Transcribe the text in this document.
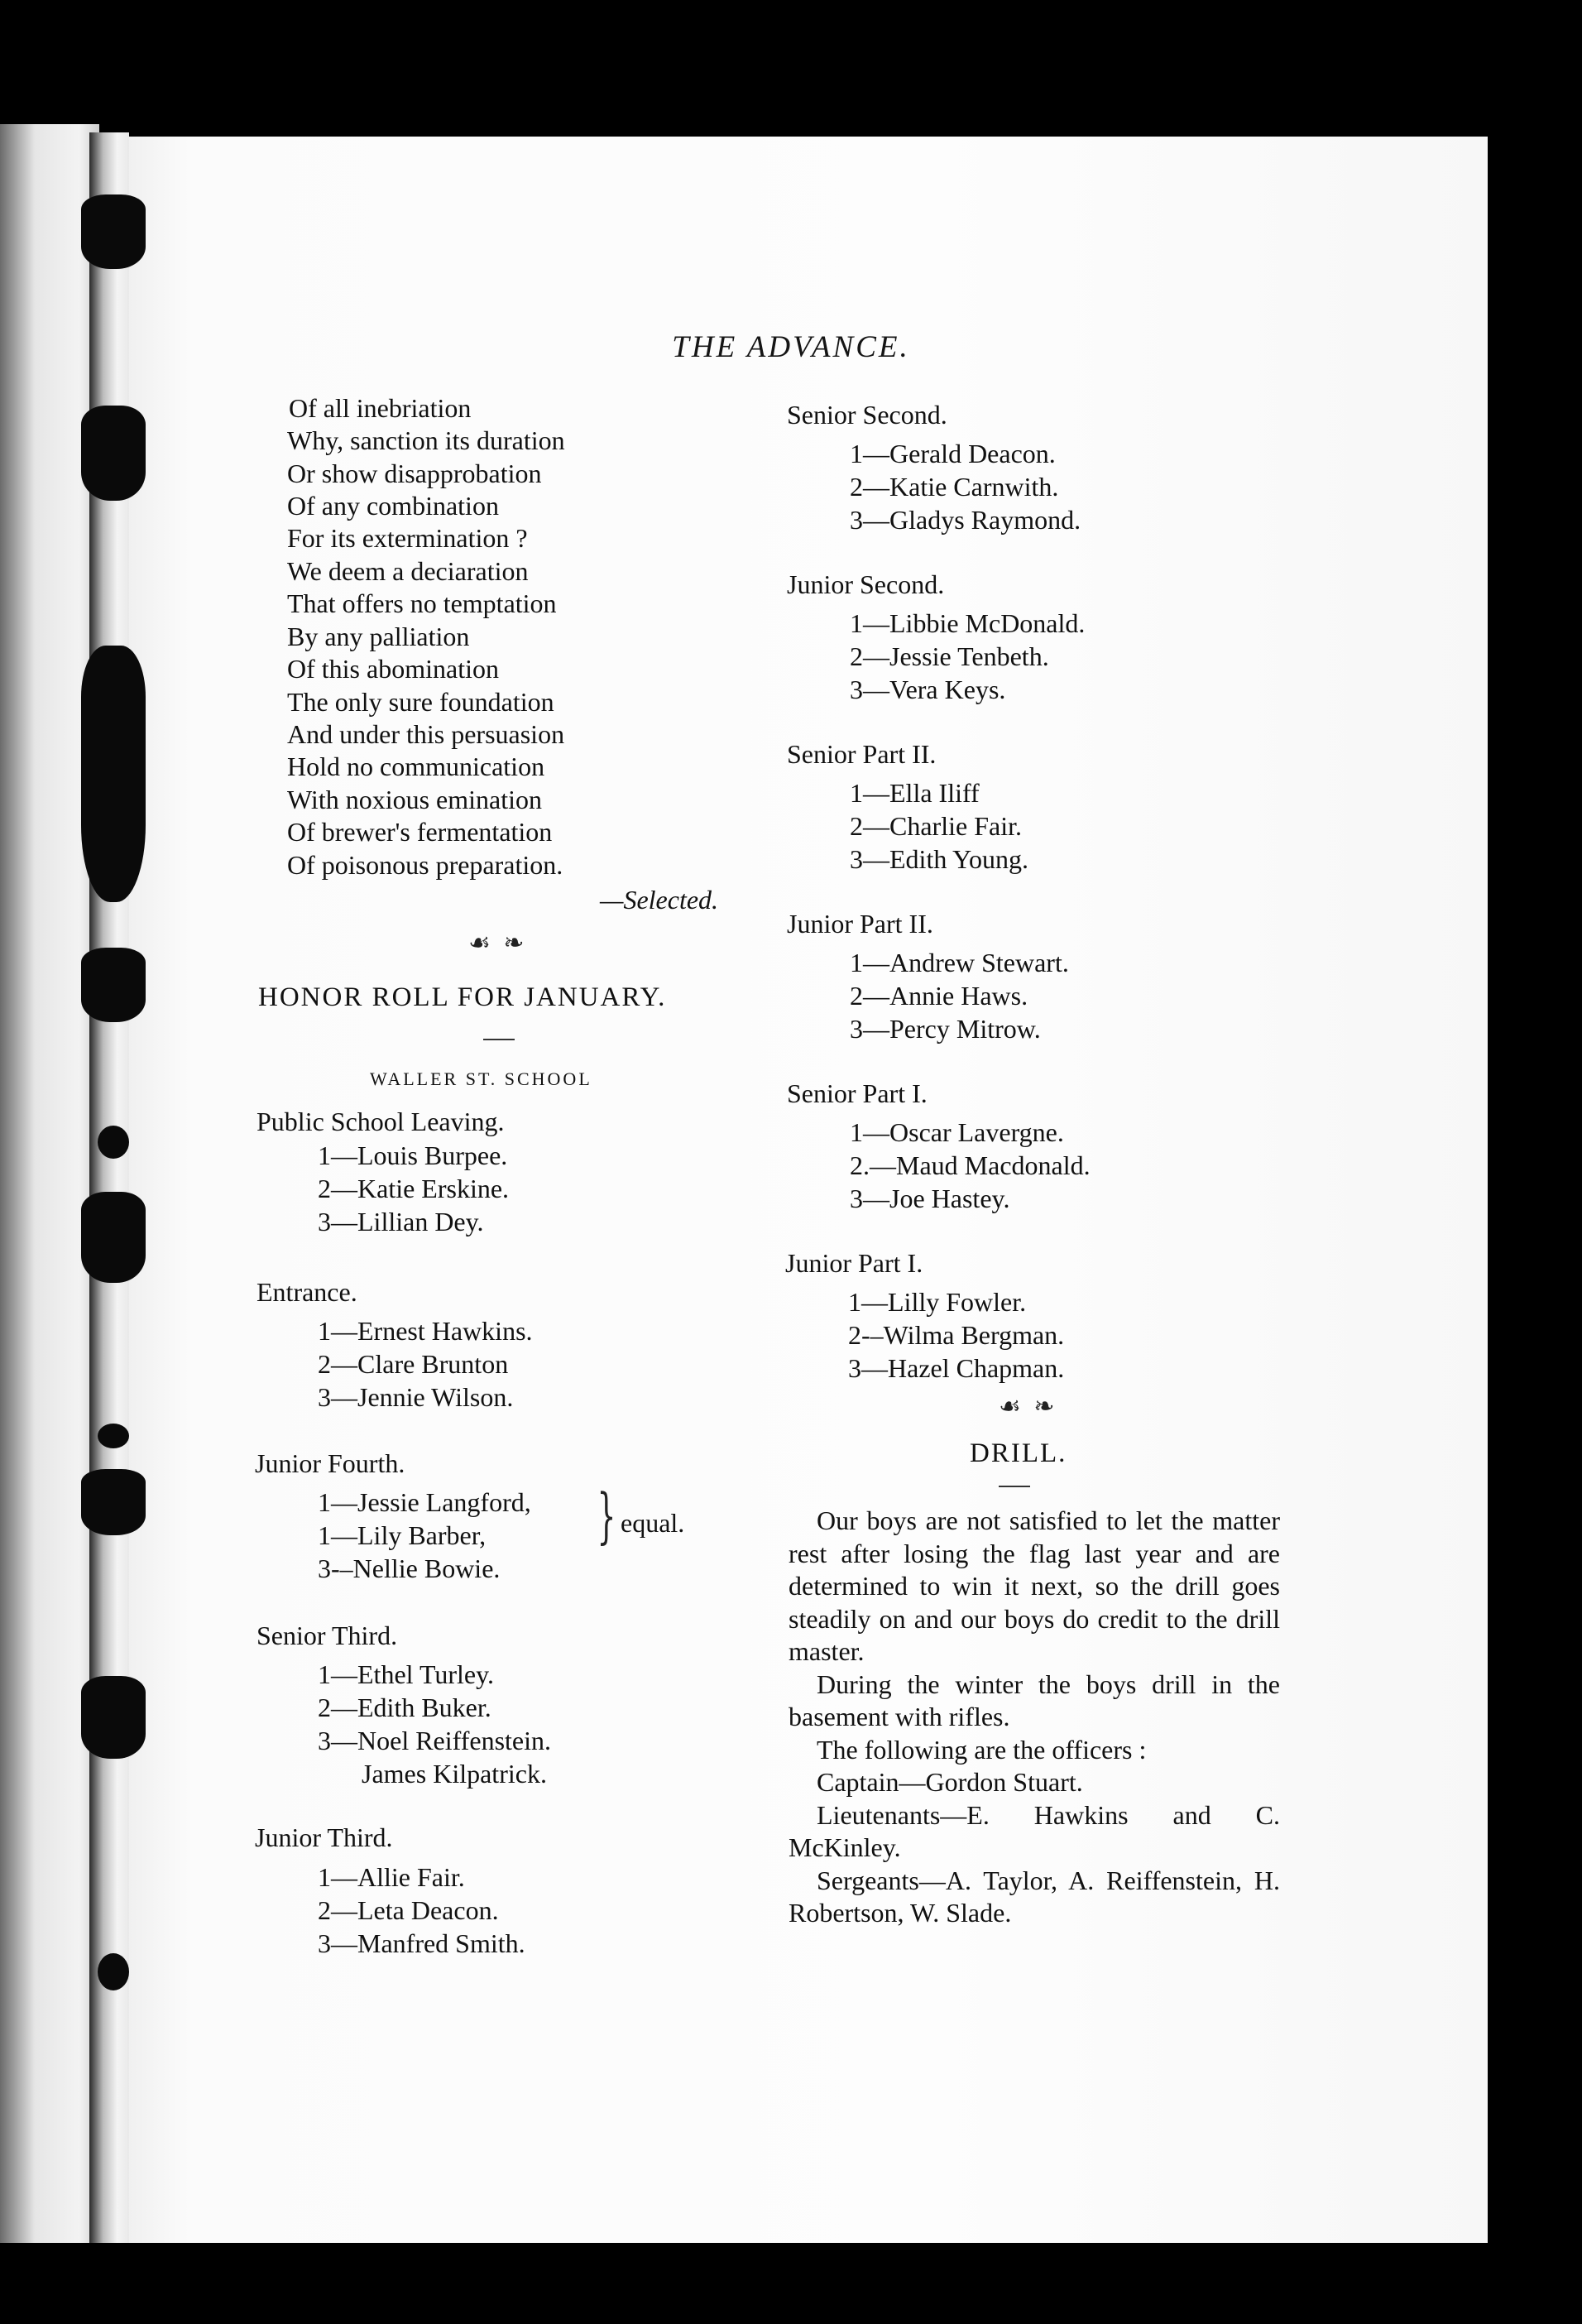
THE ADVANCE.
Of all inebriation
Why, sanction its duration
Or show disapprobation
Of any combination
For its extermination ?
We deem a deciaration
That offers no temptation
By any palliation
Of this abomination
The only sure foundation
And under this persuasion
Hold no communication
With noxious emination
Of brewer's fermentation
Of poisonous preparation.
—Selected.
☙ ❧
HONOR ROLL FOR JANUARY.
WALLER ST. SCHOOL
Public School Leaving.
1—Louis Burpee.
2—Katie Erskine.
3—Lillian Dey.
Entrance.
1—Ernest Hawkins.
2—Clare Brunton
3—Jennie Wilson.
Junior Fourth.
1—Jessie Langford,
1—Lily Barber,
3-–Nellie Bowie.
} equal.
Senior Third.
1—Ethel Turley.
2—Edith Buker.
3—Noel Reiffenstein.
James Kilpatrick.
Junior Third.
1—Allie Fair.
2—Leta Deacon.
3—Manfred Smith.
Senior Second.
1—Gerald Deacon.
2—Katie Carnwith.
3—Gladys Raymond.
Junior Second.
1—Libbie McDonald.
2—Jessie Tenbeth.
3—Vera Keys.
Senior Part II.
1—Ella Iliff
2—Charlie Fair.
3—Edith Young.
Junior Part II.
1—Andrew Stewart.
2—Annie Haws.
3—Percy Mitrow.
Senior Part I.
1—Oscar Lavergne.
2.—Maud Macdonald.
3—Joe Hastey.
Junior Part I.
1—Lilly Fowler.
2-–Wilma Bergman.
3—Hazel Chapman.
☙ ❧
DRILL.

Our boys are not satisfied to let the matter rest after losing the flag last year and are determined to win it next, so the drill goes steadily on and our boys do credit to the drill master.

During the winter the boys drill in the basement with rifles.

The following are the officers :

Captain—Gordon Stuart.

Lieutenants—E. Hawkins and C. McKinley.

Sergeants—A. Taylor, A. Reiffenstein, H. Robertson, W. Slade.
